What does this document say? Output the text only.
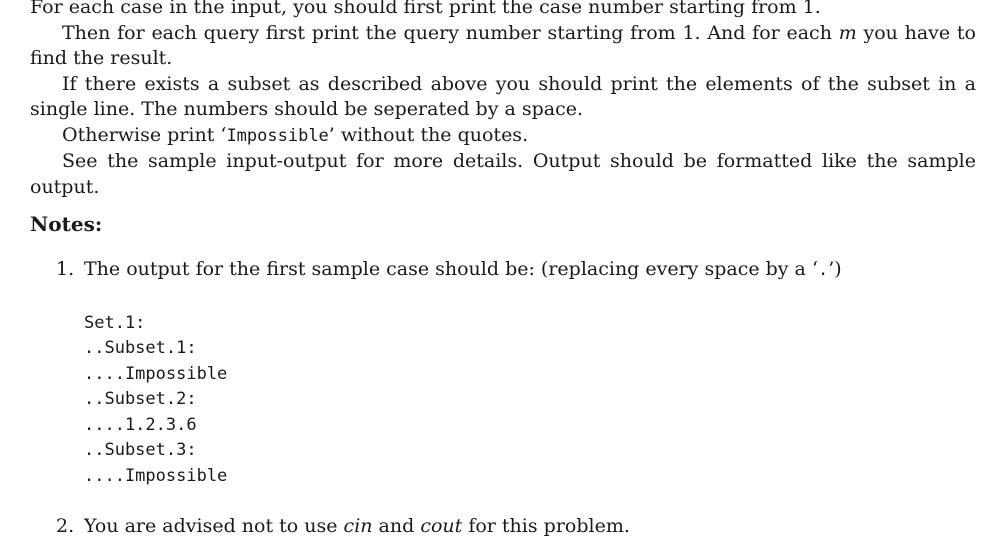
For each case in the input, you should first print the case number starting from 1.

Then for each query first print the query number starting from 1. And for each m you have to find the result.

If there exists a subset as described above you should print the elements of the subset in a single line. The numbers should be seperated by a space.

Otherwise print ‘Impossible’ without the quotes.

See the sample input-output for more details. Output should be formatted like the sample output.

Notes:
1. The output for the first sample case should be: (replacing every space by a ‘.’)
Set.1:
..Subset.1:
....Impossible
..Subset.2:
....1.2.3.6
..Subset.3:
....Impossible
2. You are advised not to use cin and cout for this problem.
